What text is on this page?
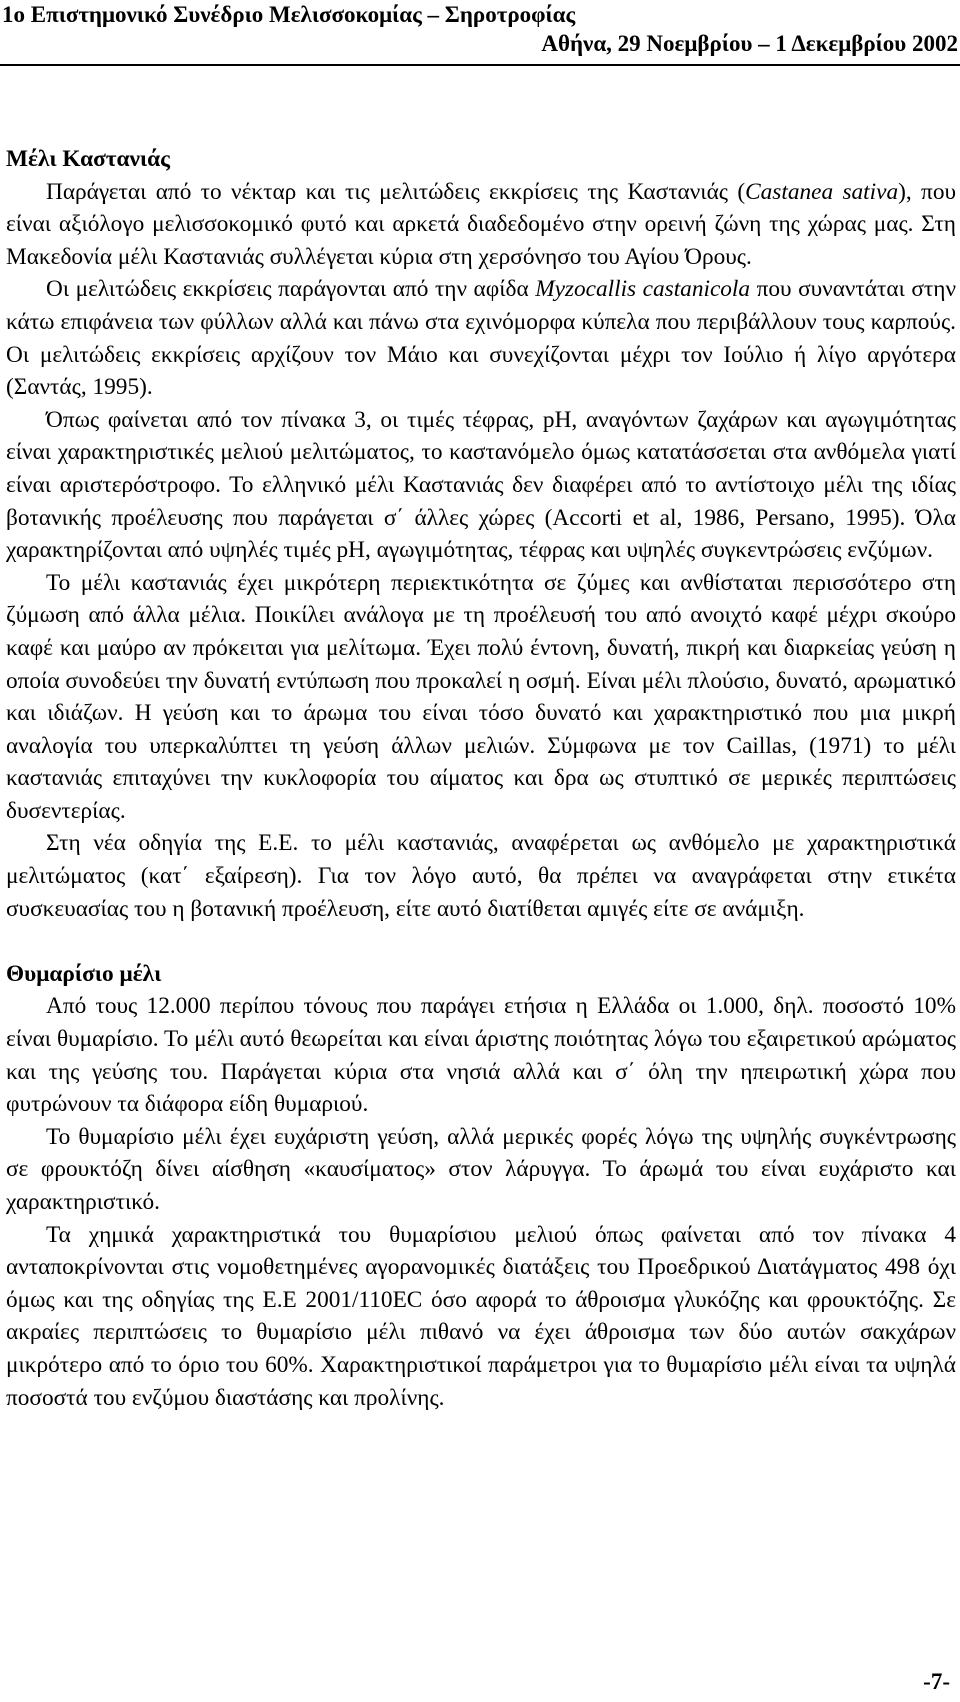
1ο Επιστημονικό Συνέδριο Μελισσοκομίας – Σηροτροφίας
Αθήνα, 29 Νοεμβρίου – 1 Δεκεμβρίου 2002
Μέλι Καστανιάς

Παράγεται από το νέκταρ και τις μελιτώδεις εκκρίσεις της Καστανιάς (Castanea sativa), που είναι αξιόλογο μελισσοκομικό φυτό και αρκετά διαδεδομένο στην ορεινή ζώνη της χώρας μας. Στη Μακεδονία μέλι Καστανιάς συλλέγεται κύρια στη χερσόνησο του Αγίου Όρους.

Οι μελιτώδεις εκκρίσεις παράγονται από την αφίδα Myzocallis castanicola που συναντάται στην κάτω επιφάνεια των φύλλων αλλά και πάνω στα εχινόμορφα κύπελα που περιβάλλουν τους καρπούς. Οι μελιτώδεις εκκρίσεις αρχίζουν τον Μάιο και συνεχίζονται μέχρι τον Ιούλιο ή λίγο αργότερα (Σαντάς, 1995).

Όπως φαίνεται από τον πίνακα 3, οι τιμές τέφρας, pH, αναγόντων ζαχάρων και αγωγιμότητας είναι χαρακτηριστικές μελιού μελιτώματος, το καστανόμελο όμως κατατάσσεται στα ανθόμελα γιατί είναι αριστερόστροφο. Το ελληνικό μέλι Καστανιάς δεν διαφέρει από το αντίστοιχο μέλι της ιδίας βοτανικής προέλευσης που παράγεται σ΄ άλλες χώρες (Accorti et al, 1986, Persano, 1995). Όλα χαρακτηρίζονται από υψηλές τιμές pH, αγωγιμότητας, τέφρας και υψηλές συγκεντρώσεις ενζύμων.

Το μέλι καστανιάς έχει μικρότερη περιεκτικότητα σε ζύμες και ανθίσταται περισσότερο στη ζύμωση από άλλα μέλια. Ποικίλει ανάλογα με τη προέλευσή του από ανοιχτό καφέ μέχρι σκούρο καφέ και μαύρο αν πρόκειται για μελίτωμα. Έχει πολύ έντονη, δυνατή, πικρή και διαρκείας γεύση η οποία συνοδεύει την δυνατή εντύπωση που προκαλεί η οσμή. Είναι μέλι πλούσιο, δυνατό, αρωματικό και ιδιάζων. Η γεύση και το άρωμα του είναι τόσο δυνατό και χαρακτηριστικό που μια μικρή αναλογία του υπερκαλύπτει τη γεύση άλλων μελιών. Σύμφωνα με τον Caillas, (1971) το μέλι καστανιάς επιταχύνει την κυκλοφορία του αίματος και δρα ως στυπτικό σε μερικές περιπτώσεις δυσεντερίας.

Στη νέα οδηγία της Ε.Ε. το μέλι καστανιάς, αναφέρεται ως ανθόμελο με χαρακτηριστικά μελιτώματος (κατ΄ εξαίρεση). Για τον λόγο αυτό, θα πρέπει να αναγράφεται στην ετικέτα συσκευασίας του η βοτανική προέλευση, είτε αυτό διατίθεται αμιγές είτε σε ανάμιξη.

Θυμαρίσιο μέλι

Από τους 12.000 περίπου τόνους που παράγει ετήσια η Ελλάδα οι 1.000, δηλ. ποσοστό 10% είναι θυμαρίσιο. Το μέλι αυτό θεωρείται και είναι άριστης ποιότητας λόγω του εξαιρετικού αρώματος και της γεύσης του. Παράγεται κύρια στα νησιά αλλά και σ΄ όλη την ηπειρωτική χώρα που φυτρώνουν τα διάφορα είδη θυμαριού.

Το θυμαρίσιο μέλι έχει ευχάριστη γεύση, αλλά μερικές φορές λόγω της υψηλής συγκέντρωσης σε φρουκτόζη δίνει αίσθηση «καυσίματος» στον λάρυγγα. Το άρωμά του είναι ευχάριστο και χαρακτηριστικό.

Τα χημικά χαρακτηριστικά του θυμαρίσιου μελιού όπως φαίνεται από τον πίνακα 4 ανταποκρίνονται στις νομοθετημένες αγορανομικές διατάξεις του Προεδρικού Διατάγματος 498 όχι όμως και της οδηγίας της Ε.Ε 2001/110EC όσο αφορά το άθροισμα γλυκόζης και φρουκτόζης. Σε ακραίες περιπτώσεις το θυμαρίσιο μέλι πιθανό να έχει άθροισμα των δύο αυτών σακχάρων μικρότερο από το όριο του 60%. Χαρακτηριστικοί παράμετροι για το θυμαρίσιο μέλι είναι τα υψηλά ποσοστά του ενζύμου διαστάσης και προλίνης.

-7-
